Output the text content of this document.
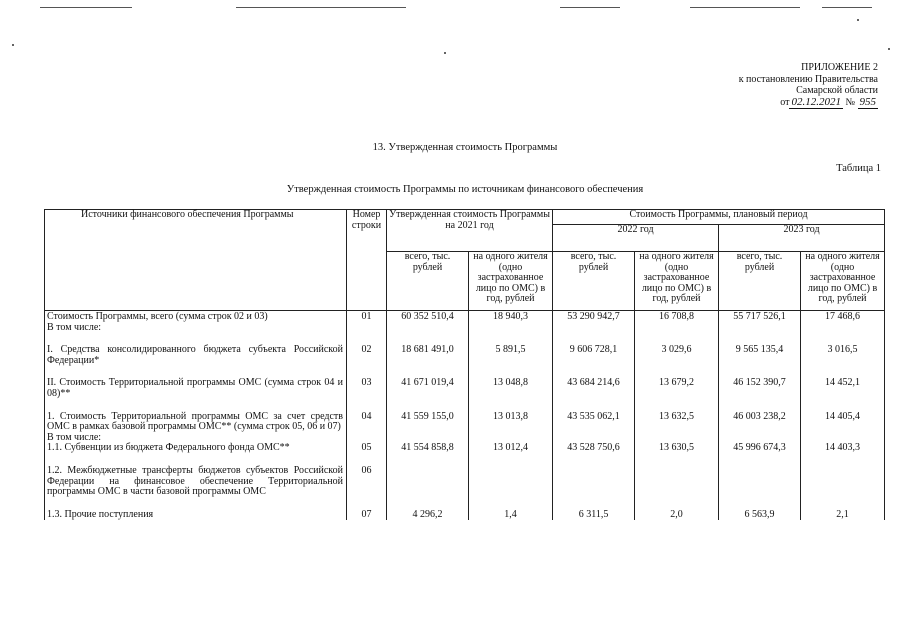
ПРИЛОЖЕНИЕ 2
к постановлению Правительства
Самарской области
от 02.12.2021 № 955
13. Утвержденная стоимость Программы
Таблица 1
Утвержденная стоимость Программы по источникам финансового обеспечения
Источники финансового обеспечения Программы	Номер строки	Утвержденная стоимость Программы на 2021 год		Стоимость Программы, плановый период			
				2022 год		2023 год	
		всего, тыс. рублей	на одного жителя (одно застрахованное лицо по ОМС) в год, рублей	всего, тыс. рублей	на одного жителя (одно застрахованное лицо по ОМС) в год, рублей	всего, тыс. рублей	на одного жителя (одно застрахованное лицо по ОМС) в год, рублей

Стоимость Программы, всего (сумма строк 02 и 03)
В том числе:	01	60 352 510,4	18 940,3	53 290 942,7	16 708,8	55 717 526,1	17 468,6

I. Средства консолидированного бюджета субъекта Российской Федерации*	02	18 681 491,0	5 891,5	9 606 728,1	3 029,6	9 565 135,4	3 016,5

II. Стоимость Территориальной программы ОМС (сумма строк 04 и 08)**	03	41 671 019,4	13 048,8	43 684 214,6	13 679,2	46 152 390,7	14 452,1

1. Стоимость Территориальной программы ОМС за счет средств ОМС в рамках базовой программы ОМС** (сумма строк 05, 06 и 07)
В том числе:	04	41 559 155,0	13 013,8	43 535 062,1	13 632,5	46 003 238,2	14 405,4
1.1. Субвенции из бюджета Федерального фонда ОМС**	05	41 554 858,8	13 012,4	43 528 750,6	13 630,5	45 996 674,3	14 403,3

1.2. Межбюджетные трансферты бюджетов субъектов Российской Федерации на финансовое обеспечение Территориальной программы ОМС в части базовой программы ОМС	06						

1.3. Прочие поступления	07	4 296,2	1,4	6 311,5	2,0	6 563,9	2,1
